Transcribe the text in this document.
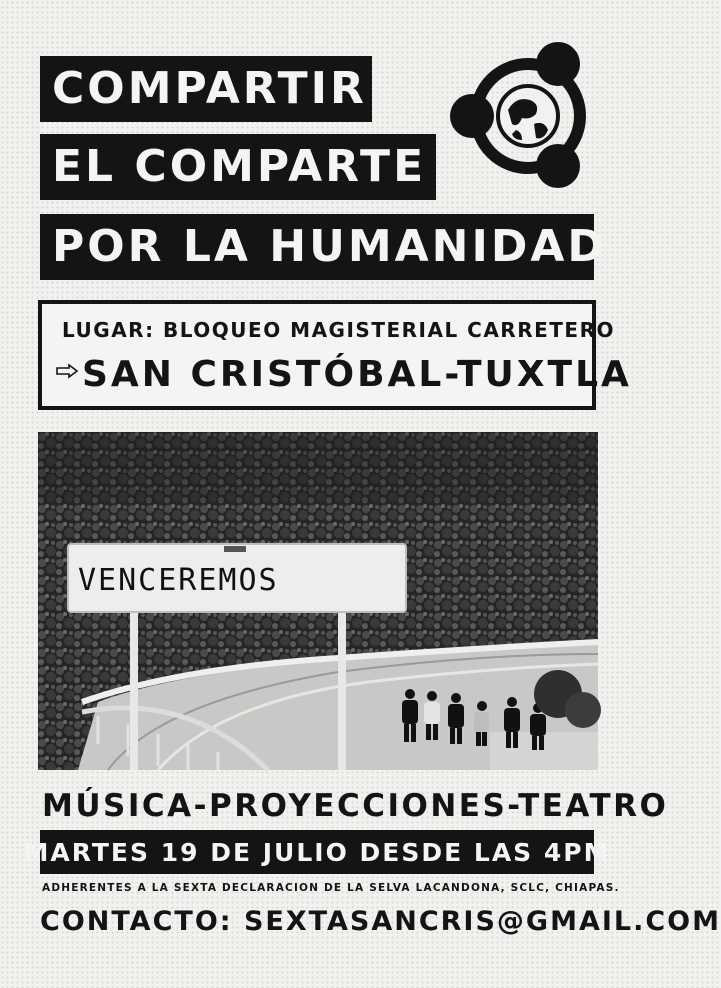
COMPARTIR
EL COMPARTE
POR LA HUMANIDAD
LUGAR: BLOQUEO MAGISTERIAL CARRETERO
SAN CRISTÓBAL-TUXTLA
VENCEREMOS
MÚSICA-PROYECCIONES-TEATRO
MARTES 19 DE JULIO DESDE LAS 4PM
ADHERENTES A LA SEXTA DECLARACION DE LA SELVA LACANDONA, SCLC, CHIAPAS.
CONTACTO: SEXTASANCRIS@GMAIL.COM
